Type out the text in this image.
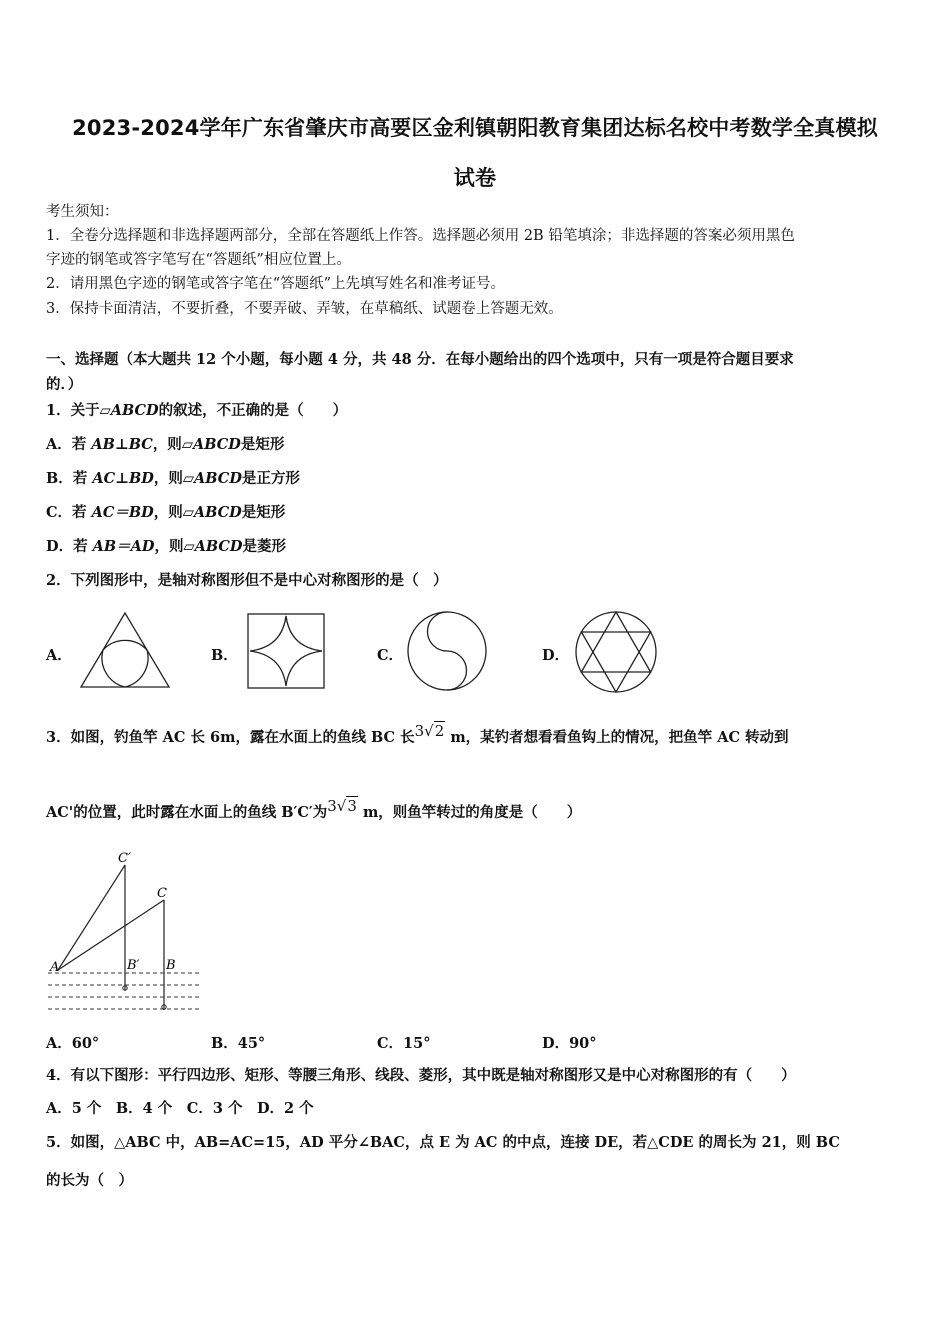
2023-2024学年广东省肇庆市高要区金利镇朝阳教育集团达标名校中考数学全真模拟
试卷
考生须知：
1．全卷分选择题和非选择题两部分，全部在答题纸上作答。选择题必须用 2B 铅笔填涂；非选择题的答案必须用黑色
字迹的钢笔或答字笔写在“答题纸”相应位置上。
2．请用黑色字迹的钢笔或答字笔在“答题纸”上先填写姓名和准考证号。
3．保持卡面清洁，不要折叠，不要弄破、弄皱，在草稿纸、试题卷上答题无效。
一、选择题（本大题共 12 个小题，每小题 4 分，共 48 分．在每小题给出的四个选项中，只有一项是符合题目要求
的．）
1．关于▱ABCD的叙述，不正确的是（　　）
A．若 AB⊥BC，则▱ABCD是矩形
B．若 AC⊥BD，则▱ABCD是正方形
C．若 AC＝BD，则▱ABCD是矩形
D．若 AB＝AD，则▱ABCD是菱形
2．下列图形中，是轴对称图形但不是中心对称图形的是（　）
A．	B．	C．	D．
3．如图，钓鱼竿 AC 长 6m，露在水面上的鱼线 BC 长3√2 m，某钓者想看看鱼钩上的情况，把鱼竿 AC 转动到
AC'的位置，此时露在水面上的鱼线 B′C′为3√3 m，则鱼竿转过的角度是（　　）
C′
C
A	B′ B
A．60°	B．45°	C．15°	D．90°
4．有以下图形：平行四边形、矩形、等腰三角形、线段、菱形，其中既是轴对称图形又是中心对称图形的有（　　）
A．5 个　B．4 个　C．3 个　D．2 个
5．如图，△ABC 中，AB=AC=15，AD 平分∠BAC，点 E 为 AC 的中点，连接 DE，若△CDE 的周长为 21，则 BC
的长为（　）
